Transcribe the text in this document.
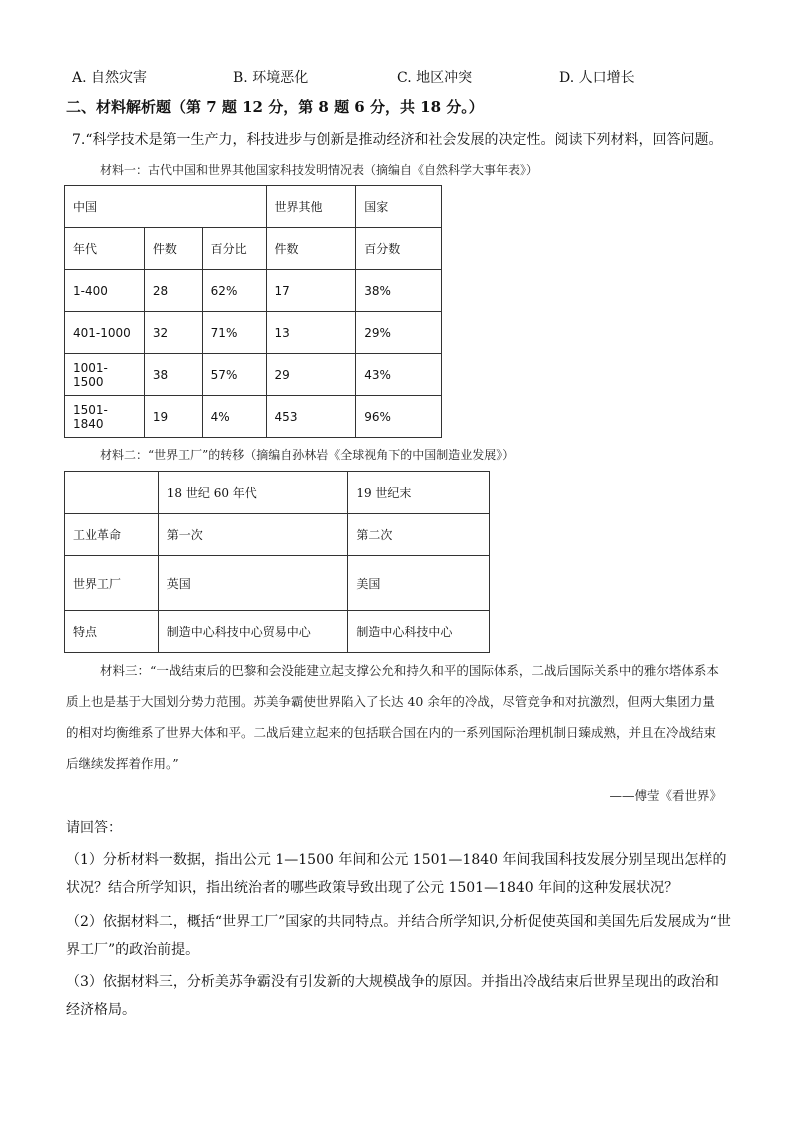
A. 自然灾害	B. 环境恶化	C. 地区冲突	D. 人口增长
二、材料解析题（第 7 题 12 分，第 8 题 6 分，共 18 分。）
7.“科学技术是第一生产力，科技进步与创新是推动经济和社会发展的决定性。阅读下列材料，回答问题。
材料一：古代中国和世界其他国家科技发明情况表（摘编自《自然科学大事年表》）
中国			世界其他	国家
年代	件数	百分比	件数	百分数
1-400	28	62%	17	38%
401-1000	32	71%	13	29%
1001-1500	38	57%	29	43%
1501-1840	19	4%	453	96%
材料二：“世界工厂”的转移（摘编自孙林岩《全球视角下的中国制造业发展》）
	18 世纪 60 年代	19 世纪末
工业革命	第一次	第二次
世界工厂	英国	美国
特点	制造中心科技中心贸易中心	制造中心科技中心
材料三：“一战结束后的巴黎和会没能建立起支撑公允和持久和平的国际体系，二战后国际关系中的雅尔塔体系本质上也是基于大国划分势力范围。苏美争霸使世界陷入了长达 40 余年的冷战，尽管竞争和对抗激烈，但两大集团力量的相对均衡维系了世界大体和平。二战后建立起来的包括联合国在内的一系列国际治理机制日臻成熟，并且在冷战结束后继续发挥着作用。”
——傅莹《看世界》
请回答：
（1）分析材料一数据，指出公元 1—1500 年间和公元 1501—1840 年间我国科技发展分别呈现出怎样的状况？结合所学知识，指出统治者的哪些政策导致出现了公元 1501—1840 年间的这种发展状况？
（2）依据材料二，概括“世界工厂”国家的共同特点。并结合所学知识,分析促使英国和美国先后发展成为“世界工厂”的政治前提。
（3）依据材料三，分析美苏争霸没有引发新的大规模战争的原因。并指出冷战结束后世界呈现出的政治和经济格局。
